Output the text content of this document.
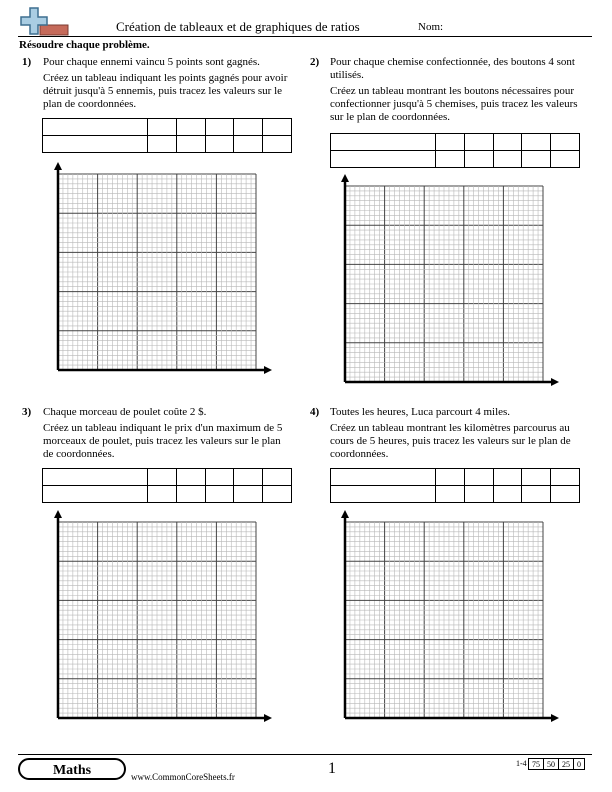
Création de tableaux et de graphiques de ratios	Nom:
Résoudre chaque problème.
1) Pour chaque ennemi vaincu 5 points sont gagnés.

Créez un tableau indiquant les points gagnés pour avoir détruit jusqu'à 5 ennemis, puis tracez les valeurs sur le plan de coordonnées.

2) Pour chaque chemise confectionnée, des boutons 4 sont utilisés.

Créez un tableau montrant les boutons nécessaires pour confectionner jusqu'à 5 chemises, puis tracez les valeurs sur le plan de coordonnées.

3) Chaque morceau de poulet coûte 2 $.

Créez un tableau indiquant le prix d'un maximum de 5 morceaux de poulet, puis tracez les valeurs sur le plan de coordonnées.

4) Toutes les heures, Luca parcourt 4 miles.

Créez un tableau montrant les kilomètres parcourus au cours de 5 heures, puis tracez les valeurs sur le plan de coordonnées.

Maths	www.CommonCoreSheets.fr	1	1-4 75	50	25	0
